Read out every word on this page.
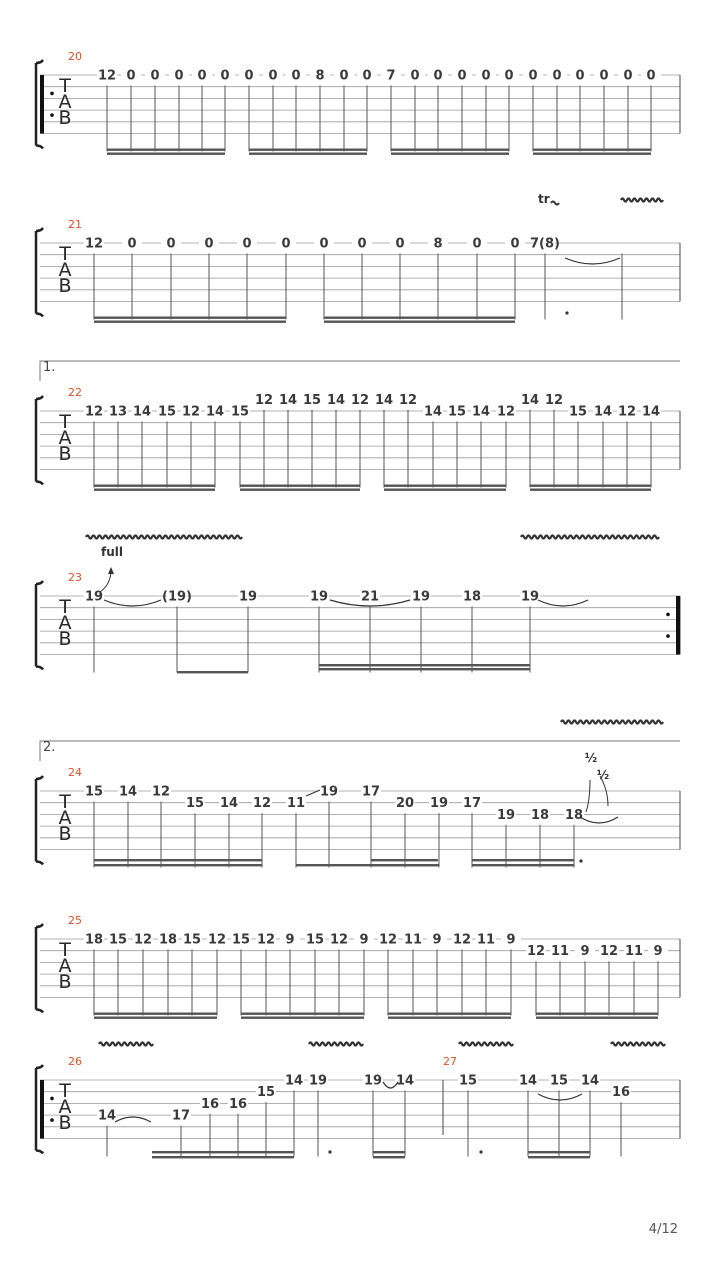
T
A
B
20
12 0 0 0 0 0 0 0 0 8 0 0 7 0 0 0 0 0 0 0 0 0 0 0
T
A
B
21
12 0 0 0 0 0 0 0 0 8 0 0 7(8)
T
A
B
22
1.
12 13 14 15 12 14 15
12 14 15 14 12 14 12
14 15 14 12
14 12
15 14 12 14
T
A
B
23
19	(19)	19	19	21	19	18	19
T
A
B
24
2.
15 14 12
15 14 12 11
19 17
20 19 17
19 18 18
T
A
B
25
18 15 12 18 15 12 15 12 9 15 12 9 12 11 9 12 11 9
12 11 9 12 11 9
T
A
B
26	27
14	17
16 16
15
14 19	19 14	15	14 15 14
16
tr
full
½
½
4/12
